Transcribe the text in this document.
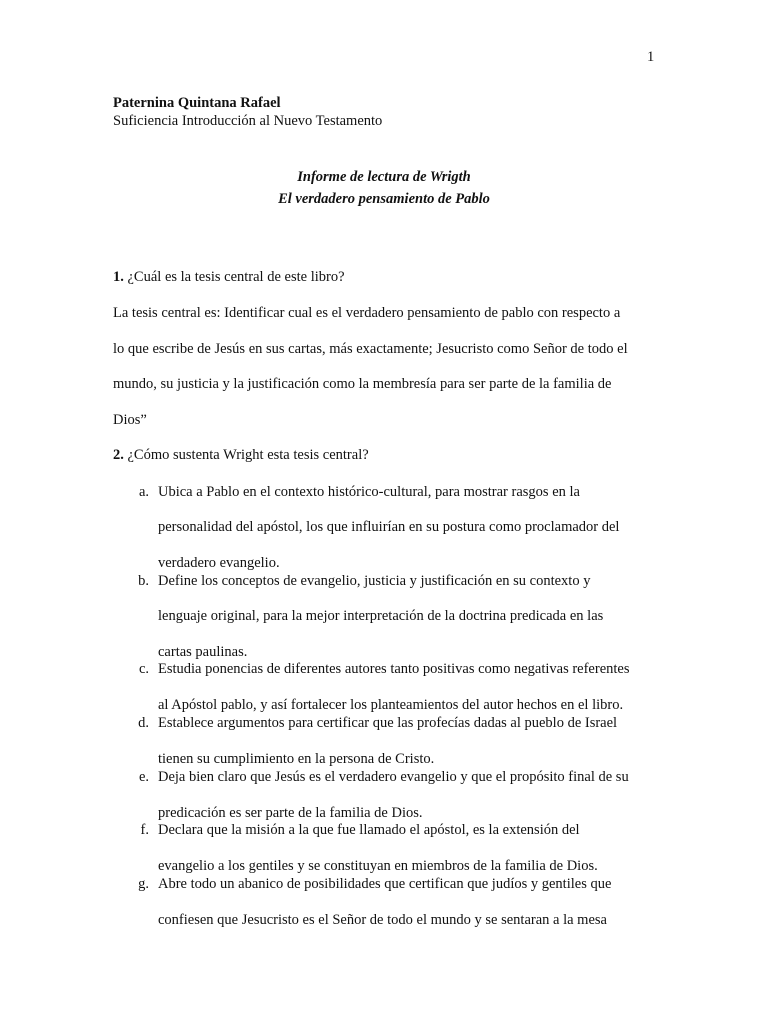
1
Paternina Quintana Rafael
Suficiencia Introducción al Nuevo Testamento
Informe de lectura de Wrigth
El verdadero pensamiento de Pablo
1. ¿Cuál es la tesis central de este libro?
La tesis central es: Identificar cual es el verdadero pensamiento de pablo con respecto a
lo que escribe de Jesús en sus cartas, más exactamente; Jesucristo como Señor de todo el
mundo, su justicia y la justificación como la membresía para ser parte de la familia de
Dios”
2. ¿Cómo sustenta Wright esta tesis central?
a. Ubica a Pablo en el contexto histórico-cultural, para mostrar rasgos en la
personalidad del apóstol, los que influirían en su postura como proclamador del
verdadero evangelio.
b. Define los conceptos de evangelio, justicia y justificación en su contexto y
lenguaje original, para la mejor interpretación de la doctrina predicada en las
cartas paulinas.
c. Estudia ponencias de diferentes autores tanto positivas como negativas referentes
al Apóstol pablo, y así fortalecer los planteamientos del autor hechos en el libro.
d. Establece argumentos para certificar que las profecías dadas al pueblo de Israel
tienen su cumplimiento en la persona de Cristo.
e. Deja bien claro que Jesús es el verdadero evangelio y que el propósito final de su
predicación es ser parte de la familia de Dios.
f. Declara que la misión a la que fue llamado el apóstol, es la extensión del
evangelio a los gentiles y se constituyan en miembros de la familia de Dios.
g. Abre todo un abanico de posibilidades que certifican que judíos y gentiles que
confiesen que Jesucristo es el Señor de todo el mundo y se sentaran a la mesa
